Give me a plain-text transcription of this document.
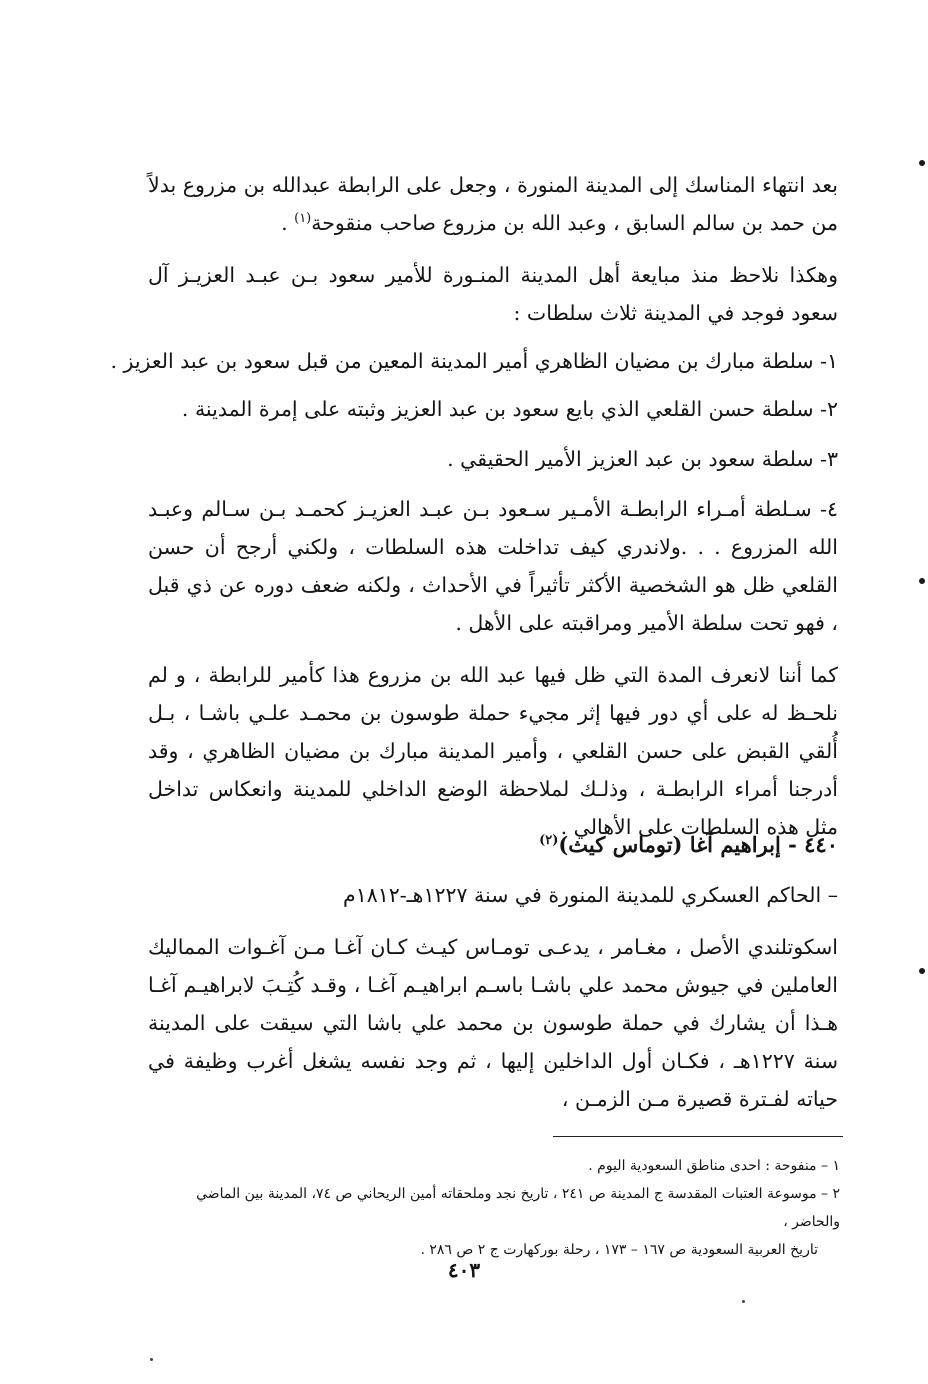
بعد انتهاء المناسك إلى المدينة المنورة ، وجعل على الرابطة عبدالله بن مزروع بدلاً من حمد بن سالم السابق ، وعبد الله بن مزروع صاحب منقوحة$^{(١)}$ .

وهكذا نلاحظ منذ مبايعة أهل المدينة المنـورة للأمير سعود بـن عبـد العزيـز آل سعود فوجد في المدينة ثلاث سلطات :

١- سلطة مبارك بن مضيان الظاهري أمير المدينة المعين من قبل سعود بن عبد العزيز .
٢- سلطة حسن القلعي الذي بايع سعود بن عبد العزيز وثبته على إمرة المدينة .
٣- سلطة سعود بن عبد العزيز الأمير الحقيقي .

٤- سـلطة أمـراء الرابطـة الأمـير سـعود بـن عبـد العزيـز كحمـد بـن سـالم وعبـد الله المزروع . . .ولاندري كيف تداخلت هذه السلطات ، ولكني أرجح أن حسن القلعي ظل هو الشخصية الأكثر تأثيراً في الأحداث ، ولكنه ضعف دوره عن ذي قبل ، فهو تحت سلطة الأمير ومراقبته على الأهل .

كما أننا لانعرف المدة التي ظل فيها عبد الله بن مزروع هذا كأمير للرابطة ، و لم نلحـظ له على أي دور فيها إثر مجيء حملة طوسون بن محمـد علـي باشـا ، بـل أُلقي القبض على حسن القلعي ، وأمير المدينة مبارك بن مضيان الظاهري ، وقد أدرجنا أمراء الرابطـة ، وذلـك لملاحظة الوضع الداخلي للمدينة وانعكاس تداخل مثل هذه السلطات على الأهالي .

٤٤٠ - إبراهيم آغا (توماس كيث)$^{(٢)}$
– الحاكم العسكري للمدينة المنورة في سنة ١٢٢٧هـ-١٨١٢م

اسكوتلندي الأصل ، مغـامر ، يدعـى تومـاس كيـث كـان آغـا مـن آغـوات المماليك العاملين في جيوش محمد علي باشـا باسـم ابراهيـم آغـا ، وقـد كُتِـبَ لابراهيـم آغـا هـذا أن يشارك في حملة طوسون بن محمد علي باشا التي سيقت على المدينة سنة ١٢٢٧هـ ، فكـان أول الداخلين إليها ، ثم وجد نفسه يشغل أغرب وظيفة في حياته لفـترة قصيرة مـن الزمـن ،

١ – منفوحة : احدى مناطق السعودية اليوم .

٢ – موسوعة العتبات المقدسة ج المدينة ص ٢٤١ ، تاريخ نجد وملحقاته أمين الريحاني ص ٧٤، المدينة بين الماضي والحاضر ،

تاريخ العربية السعودية ص ١٦٧ – ١٧٣ ، رحلة بوركهارت ج ٢ ص ٢٨٦ .

٤٠٣
